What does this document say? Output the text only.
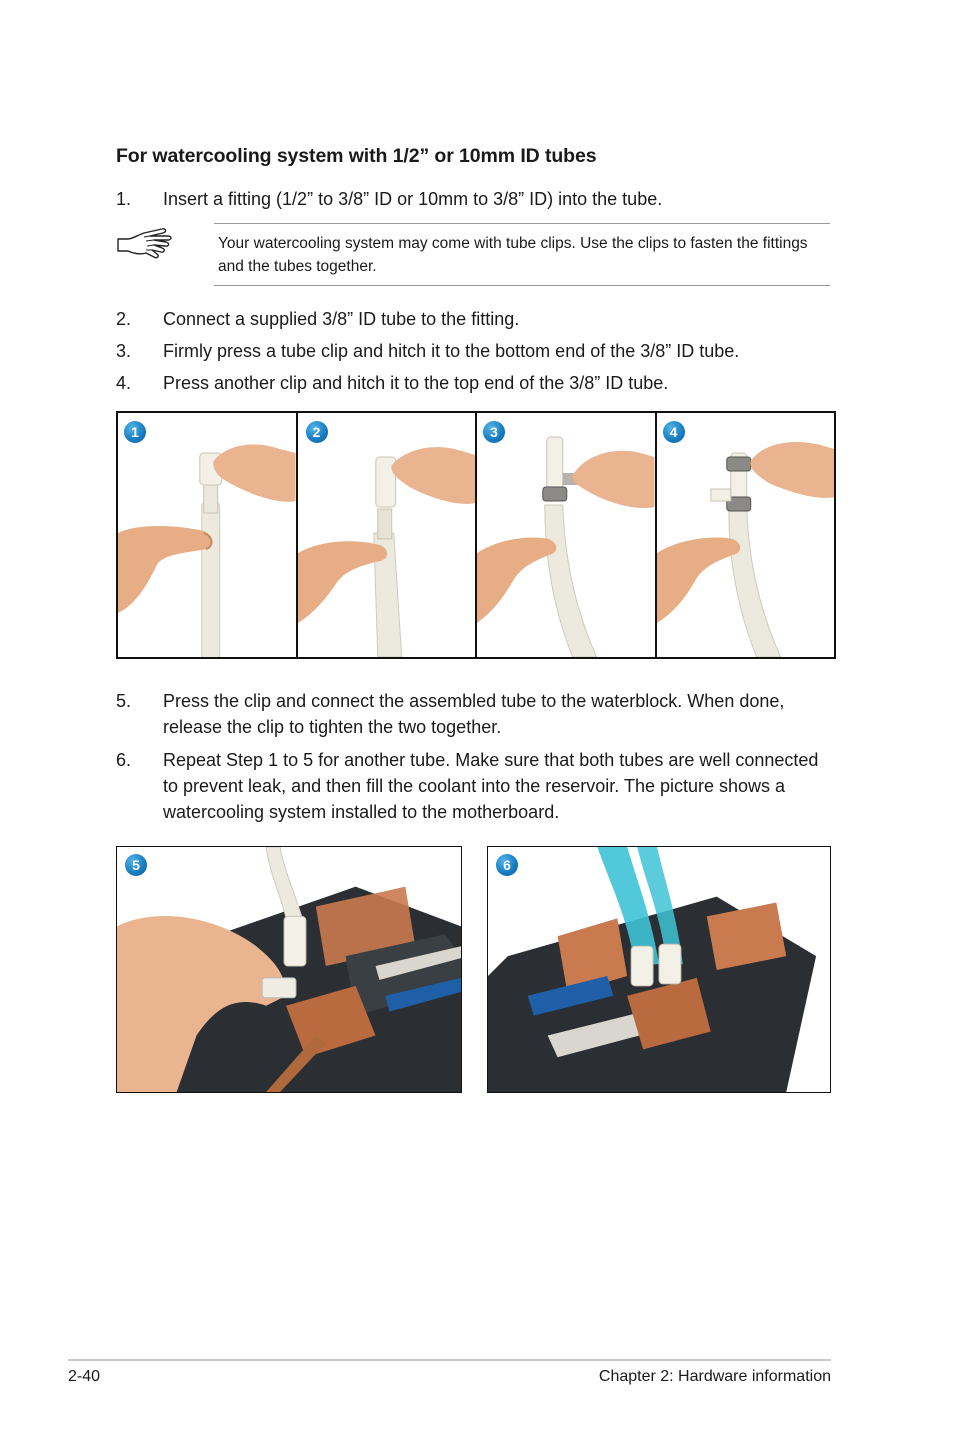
For watercooling system with 1/2” or 10mm ID tubes
1. Insert a fitting (1/2” to 3/8” ID or 10mm to 3/8” ID) into the tube.
Your watercooling system may come with tube clips. Use the clips to fasten the fittings and the tubes together.
2. Connect a supplied 3/8” ID tube to the fitting.
3. Firmly press a tube clip and hitch it to the bottom end of the 3/8” ID tube.
4. Press another clip and hitch it to the top end of the 3/8” ID tube.
1	2	3	4
5. Press the clip and connect the assembled tube to the waterblock. When done, release the clip to tighten the two together.
6. Repeat Step 1 to 5 for another tube. Make sure that both tubes are well connected to prevent leak, and then fill the coolant into the reservoir. The picture shows a watercooling system installed to the motherboard.
5	6
2-40	Chapter 2: Hardware information
